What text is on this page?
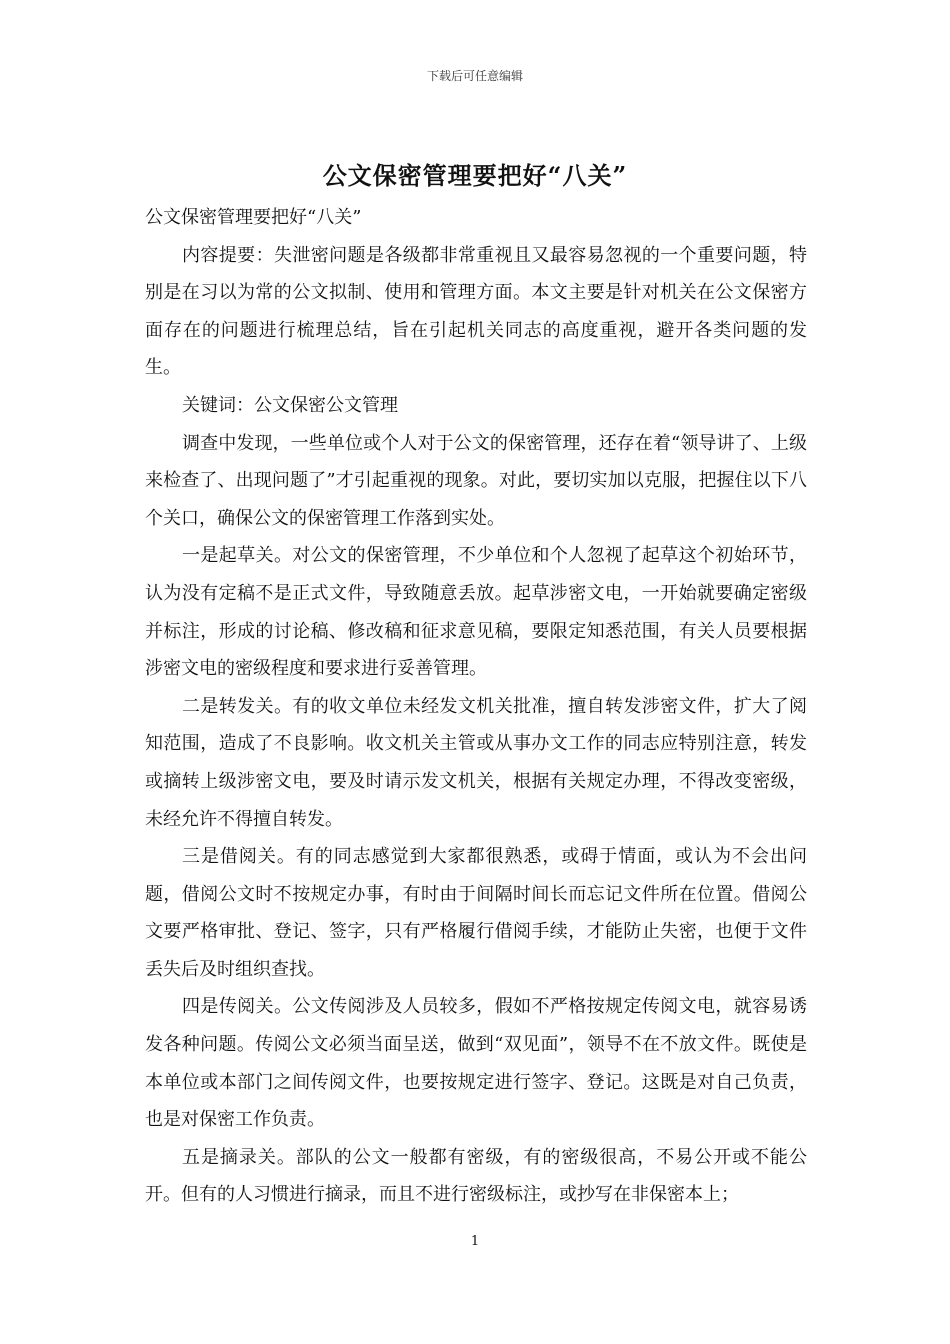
下载后可任意编辑
公文保密管理要把好“八关”

公文保密管理要把好“八关”

内容提要：失泄密问题是各级都非常重视且又最容易忽视的一个重要问题，特别是在习以为常的公文拟制、使用和管理方面。本文主要是针对机关在公文保密方面存在的问题进行梳理总结，旨在引起机关同志的高度重视，避开各类问题的发生。

关键词：公文保密公文管理

调查中发现，一些单位或个人对于公文的保密管理，还存在着“领导讲了、上级来检查了、出现问题了”才引起重视的现象。对此，要切实加以克服，把握住以下八个关口，确保公文的保密管理工作落到实处。

一是起草关。对公文的保密管理，不少单位和个人忽视了起草这个初始环节，认为没有定稿不是正式文件，导致随意丢放。起草涉密文电，一开始就要确定密级并标注，形成的讨论稿、修改稿和征求意见稿，要限定知悉范围，有关人员要根据涉密文电的密级程度和要求进行妥善管理。

二是转发关。有的收文单位未经发文机关批准，擅自转发涉密文件，扩大了阅知范围，造成了不良影响。收文机关主管或从事办文工作的同志应特别注意，转发或摘转上级涉密文电，要及时请示发文机关，根据有关规定办理，不得改变密级，未经允许不得擅自转发。

三是借阅关。有的同志感觉到大家都很熟悉，或碍于情面，或认为不会出问题，借阅公文时不按规定办事，有时由于间隔时间长而忘记文件所在位置。借阅公文要严格审批、登记、签字，只有严格履行借阅手续，才能防止失密，也便于文件丢失后及时组织查找。

四是传阅关。公文传阅涉及人员较多，假如不严格按规定传阅文电，就容易诱发各种问题。传阅公文必须当面呈送，做到“双见面”，领导不在不放文件。既使是本单位或本部门之间传阅文件，也要按规定进行签字、登记。这既是对自己负责，也是对保密工作负责。

五是摘录关。部队的公文一般都有密级，有的密级很高，不易公开或不能公开。但有的人习惯进行摘录，而且不进行密级标注，或抄写在非保密本上；

1
